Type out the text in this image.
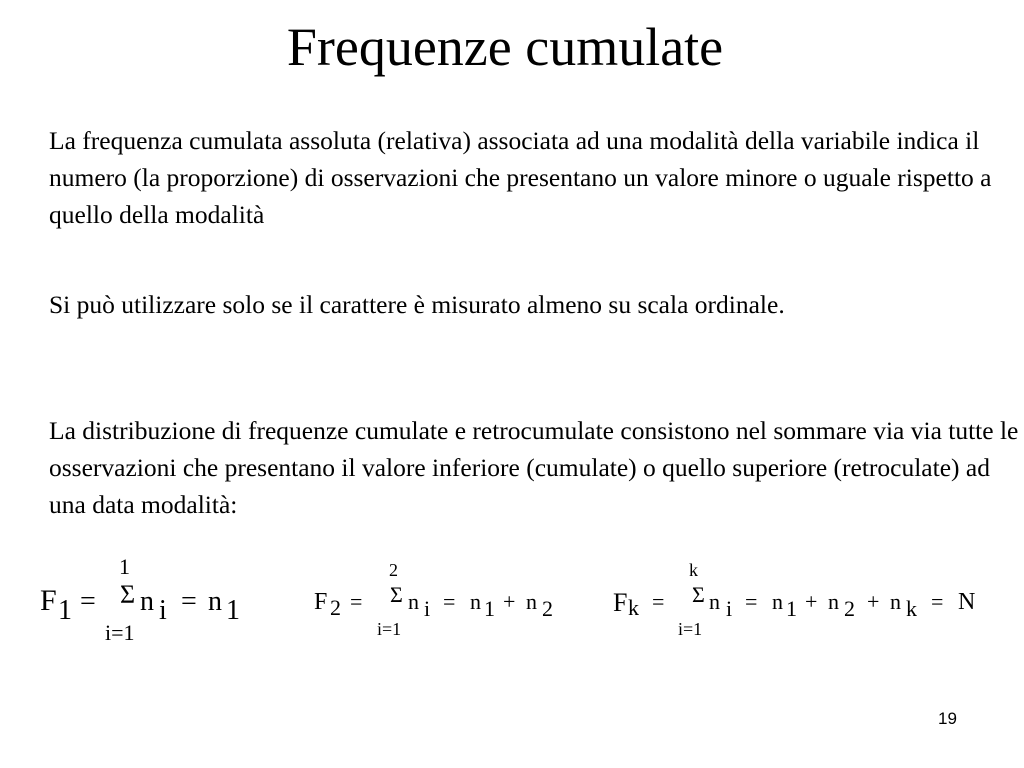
Frequenze cumulate

La frequenza cumulata assoluta (relativa) associata ad una modalità della variabile indica il numero (la proporzione) di osservazioni che presentano un valore minore o uguale rispetto a quello della modalità

Si può utilizzare solo se il carattere è misurato almeno su scala ordinale.

La distribuzione di frequenze cumulate e retrocumulate consistono nel sommare via via tutte le osservazioni che presentano il valore inferiore (cumulate) o quello superiore (retroculate) ad una data modalità:

F 1 =
1
Σ n i
i=1
= n 1	F 2 =
2
Σ n i
i=1
= n 1 + n 2 F k =
k
Σ n i
i=1
= n 1 + n 2 + n k = N
19
